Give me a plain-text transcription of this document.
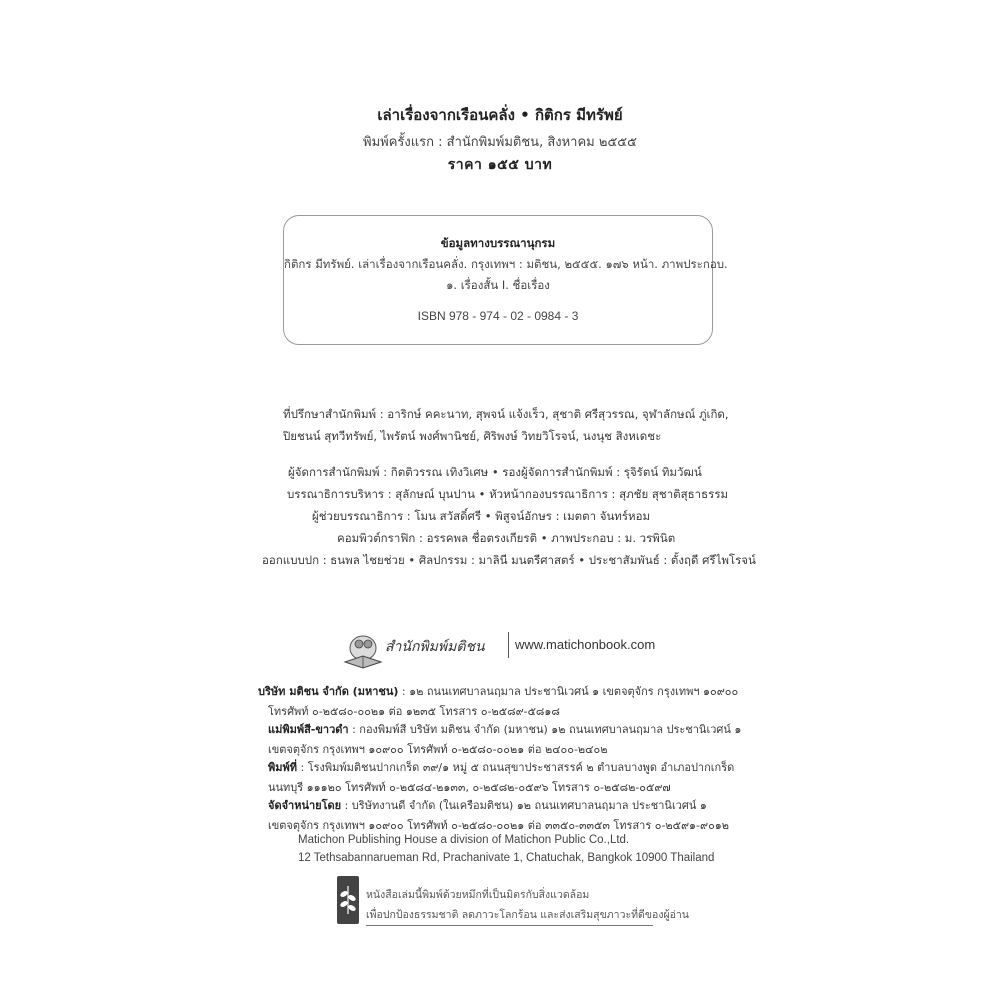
เล่าเรื่องจากเรือนคลั่ง • กิติกร มีทรัพย์
พิมพ์ครั้งแรก : สำนักพิมพ์มติชน, สิงหาคม ๒๕๕๕
ราคา ๑๕๕ บาท
ข้อมูลทางบรรณานุกรม
กิติกร มีทรัพย์. เล่าเรื่องจากเรือนคลั่ง. กรุงเทพฯ : มติชน, ๒๕๕๕. ๑๗๖ หน้า. ภาพประกอบ.
๑. เรื่องสั้น I. ชื่อเรื่อง
ISBN 978 - 974 - 02 - 0984 - 3
ที่ปรึกษาสำนักพิมพ์ : อาริกษ์ คคะนาท, สุพจน์ แจ้งเร็ว, สุชาติ ศรีสุวรรณ, จุฬาลักษณ์ ภู่เกิด,
ปิยชนน์ สุทวีทรัพย์, ไพรัตน์ พงศ์พานิชย์, ศิริพงษ์ วิทยวิโรจน์, นงนุช สิงหเดชะ
ผู้จัดการสำนักพิมพ์ : กิตติวรรณ เทิงวิเศษ • รองผู้จัดการสำนักพิมพ์ : รุจิรัตน์ ทิมวัฒน์
บรรณาธิการบริหาร : สุลักษณ์ บุนปาน • หัวหน้ากองบรรณาธิการ : สุภชัย สุชาติสุธาธรรม
ผู้ช่วยบรรณาธิการ : โมน สวัสดิ์ศรี • พิสูจน์อักษร : เมตตา จันทร์หอม
คอมพิวต์กราฟิก : อรรคพล ชื่อตรงเกียรติ • ภาพประกอบ : ม. วรพินิต
ออกแบบปก : ธนพล ไชยช่วย • ศิลปกรรม : มาลินี มนตรีศาสตร์ • ประชาสัมพันธ์ : ตั้งฤดี ศรีไพโรจน์
สำนักพิมพ์มติชน www.matichonbook.com
บริษัท มติชน จำกัด (มหาชน) : ๑๒ ถนนเทศบาลนฤมาล ประชานิเวศน์ ๑ เขตจตุจักร กรุงเทพฯ ๑๐๙๐๐
โทรศัพท์ ๐-๒๕๘๐-๐๐๒๑ ต่อ ๑๒๓๕ โทรสาร ๐-๒๕๘๙-๕๘๑๘
แม่พิมพ์สี-ขาวดำ : กองพิมพ์สี บริษัท มติชน จำกัด (มหาชน) ๑๒ ถนนเทศบาลนฤมาล ประชานิเวศน์ ๑
เขตจตุจักร กรุงเทพฯ ๑๐๙๐๐ โทรศัพท์ ๐-๒๕๘๐-๐๐๒๑ ต่อ ๒๔๐๐-๒๔๐๒
พิมพ์ที่ : โรงพิมพ์มติชนปากเกร็ด ๓๙/๑ หมู่ ๕ ถนนสุขาประชาสรรค์ ๒ ตำบลบางพูด อำเภอปากเกร็ด
นนทบุรี ๑๑๑๒๐ โทรศัพท์ ๐-๒๕๘๔-๒๑๓๓, ๐-๒๕๘๒-๐๕๙๖ โทรสาร ๐-๒๕๘๒-๐๕๙๗
จัดจำหน่ายโดย : บริษัทงานดี จำกัด (ในเครือมติชน) ๑๒ ถนนเทศบาลนฤมาล ประชานิเวศน์ ๑
เขตจตุจักร กรุงเทพฯ ๑๐๙๐๐ โทรศัพท์ ๐-๒๕๘๐-๐๐๒๑ ต่อ ๓๓๕๐-๓๓๕๓ โทรสาร ๐-๒๕๙๑-๙๐๑๒
Matichon Publishing House a division of Matichon Public Co.,Ltd.
12 Tethsabannarueman Rd, Prachanivate 1, Chatuchak, Bangkok 10900 Thailand
หนังสือเล่มนี้พิมพ์ด้วยหมึกที่เป็นมิตรกับสิ่งแวดล้อม
เพื่อปกป้องธรรมชาติ ลดภาวะโลกร้อน และส่งเสริมสุขภาวะที่ดีของผู้อ่าน
